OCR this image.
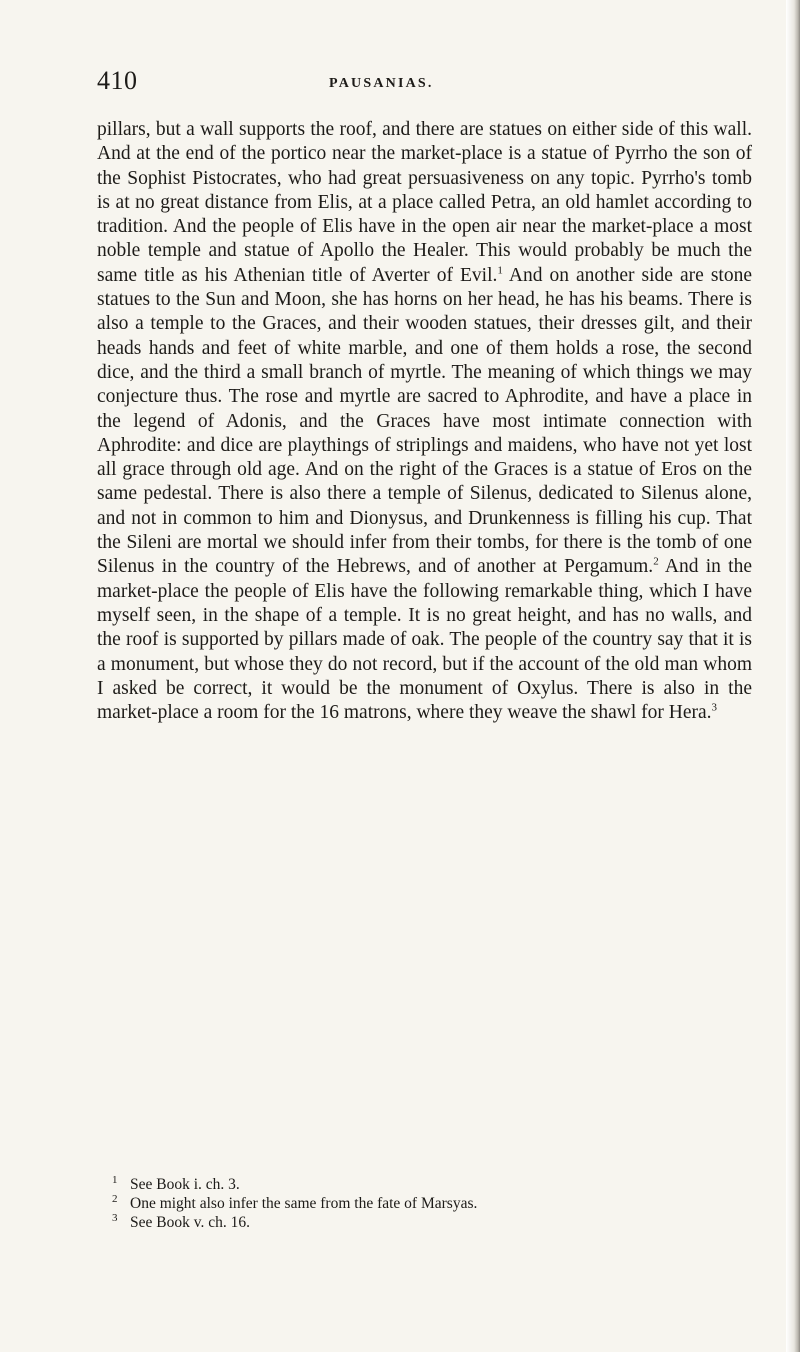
410	PAUSANIAS.

pillars, but a wall supports the roof, and there are statues on either side of this wall. And at the end of the portico near the market-place is a statue of Pyrrho the son of the Sophist Pistocrates, who had great persuasiveness on any topic. Pyrrho's tomb is at no great distance from Elis, at a place called Petra, an old hamlet according to tradition. And the people of Elis have in the open air near the market-place a most noble temple and statue of Apollo the Healer. This would probably be much the same title as his Athenian title of Averter of Evil.$^1$ And on another side are stone statues to the Sun and Moon, she has horns on her head, he has his beams. There is also a temple to the Graces, and their wooden statues, their dresses gilt, and their heads hands and feet of white marble, and one of them holds a rose, the second dice, and the third a small branch of myrtle. The meaning of which things we may conjecture thus. The rose and myrtle are sacred to Aphrodite, and have a place in the legend of Adonis, and the Graces have most intimate connection with Aphrodite: and dice are playthings of striplings and maidens, who have not yet lost all grace through old age. And on the right of the Graces is a statue of Eros on the same pedestal. There is also there a temple of Silenus, dedicated to Silenus alone, and not in common to him and Dionysus, and Drunkenness is filling his cup. That the Sileni are mortal we should infer from their tombs, for there is the tomb of one Silenus in the country of the Hebrews, and of another at Pergamum.$^2$ And in the market-place the people of Elis have the following remarkable thing, which I have myself seen, in the shape of a temple. It is no great height, and has no walls, and the roof is supported by pillars made of oak. The people of the country say that it is a monument, but whose they do not record, but if the account of the old man whom I asked be correct, it would be the monument of Oxylus. There is also in the market-place a room for the 16 matrons, where they weave the shawl for Hera.$^3$

1 See Book i. ch. 3.
2 One might also infer the same from the fate of Marsyas.
3 See Book v. ch. 16.
